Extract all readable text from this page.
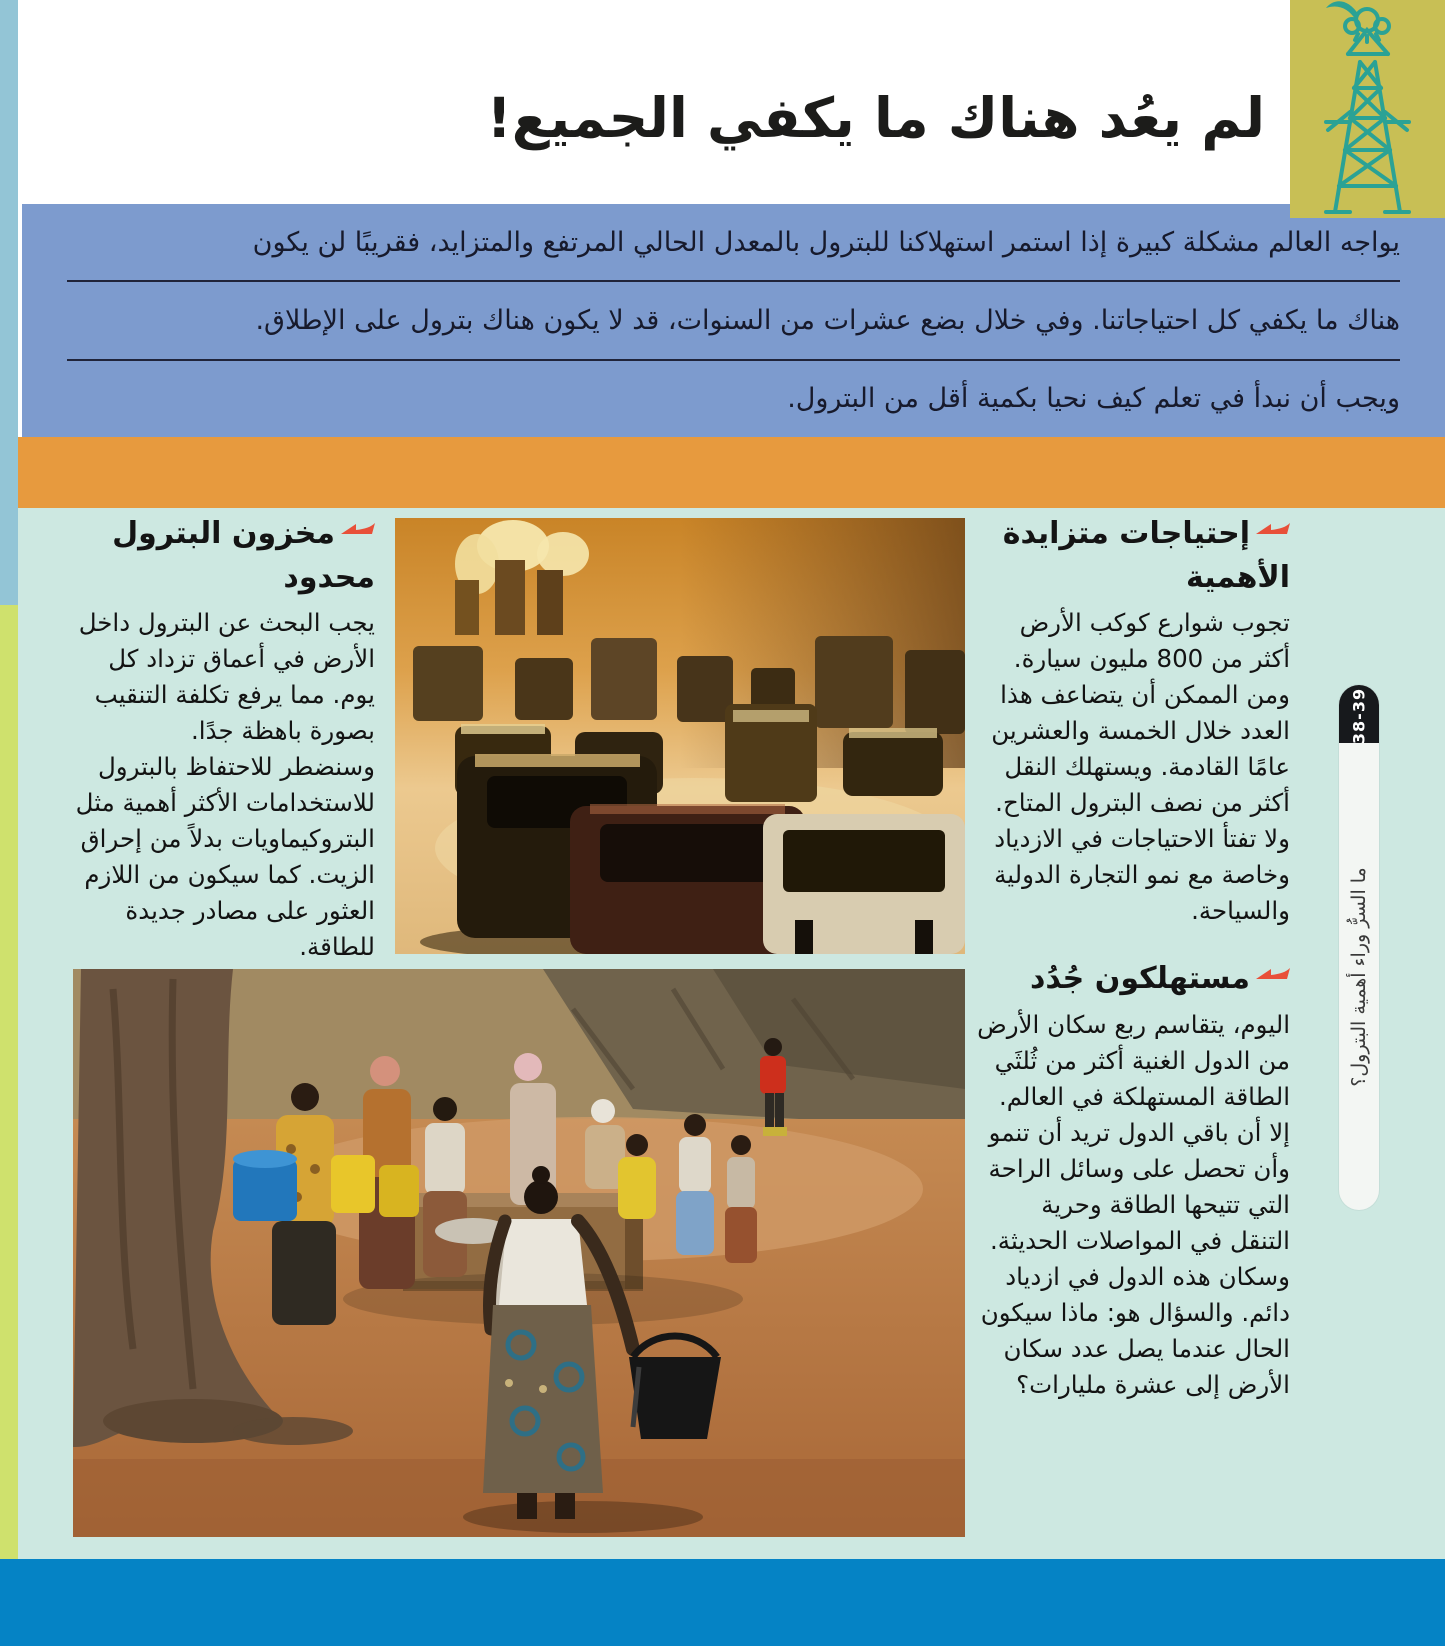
لم يعُد هناك ما يكفي الجميع!
يواجه العالم مشكلة كبيرة إذا استمر استهلاكنا للبترول بالمعدل الحالي المرتفع والمتزايد، فقريبًا لن يكون
هناك ما يكفي كل احتياجاتنا. وفي خلال بضع عشرات من السنوات، قد لا يكون هناك بترول على الإطلاق.
ويجب أن نبدأ في تعلم كيف نحيا بكمية أقل من البترول.
إحتياجات متزايدة الأهمية
تجوب شوارع كوكب الأرض أكثر من 800 مليون سيارة. ومن الممكن أن يتضاعف هذا العدد خلال الخمسة والعشرين عامًا القادمة. ويستهلك النقل أكثر من نصف البترول المتاح. ولا تفتأ الاحتياجات في الازدياد وخاصة مع نمو التجارة الدولية والسياحة.
مستهلكون جُدُد
اليوم، يتقاسم ربع سكان الأرض من الدول الغنية أكثر من ثُلثَي الطاقة المستهلكة في العالم. إلا أن باقي الدول تريد أن تنمو وأن تحصل على وسائل الراحة التي تتيحها الطاقة وحرية التنقل في المواصلات الحديثة. وسكان هذه الدول في ازدياد دائم. والسؤال هو: ماذا سيكون الحال عندما يصل عدد سكان الأرض إلى عشرة مليارات؟
مخزون البترول محدود

يجب البحث عن البترول داخل الأرض في أعماق تزداد كل يوم. مما يرفع تكلفة التنقيب بصورة باهظة جدًا.

وسنضطر للاحتفاظ بالبترول للاستخدامات الأكثر أهمية مثل البتروكيماويات بدلاً من إحراق الزيت. كما سيكون من اللازم العثور على مصادر جديدة للطاقة.

38-39
ما السرُّ وراء أهمية البترول؟
